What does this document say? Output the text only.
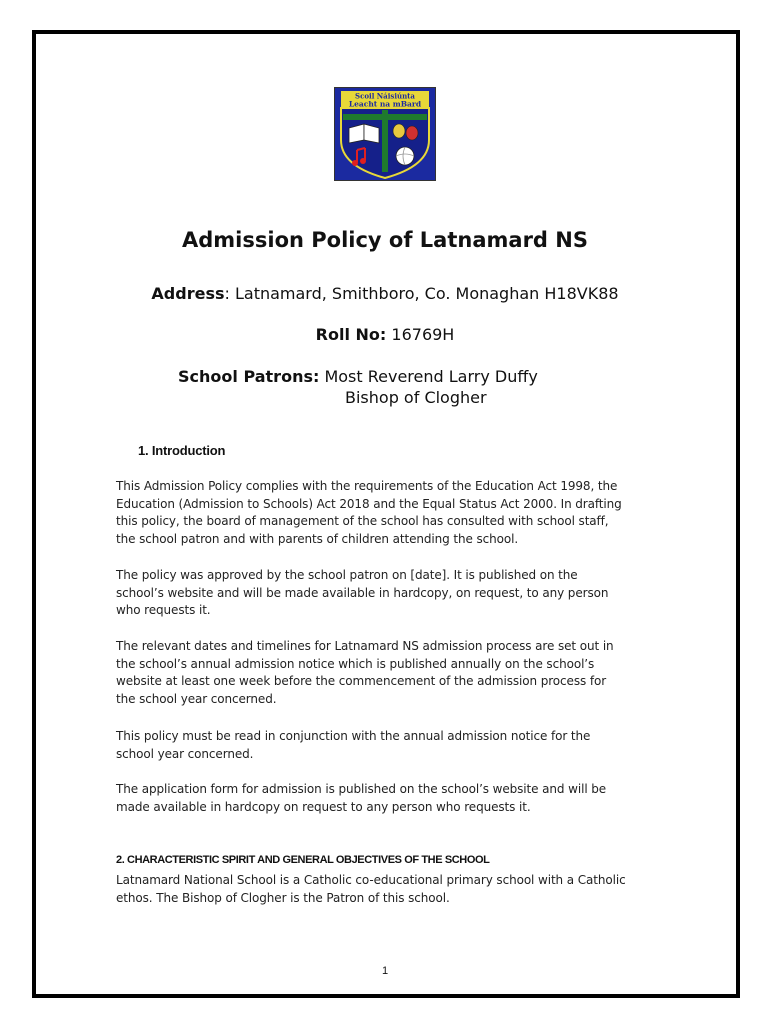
Scoil Náisiúnta
Leacht na mBard
Admission Policy of Latnamard NS
Address: Latnamard, Smithboro, Co. Monaghan H18VK88
Roll No: 16769H
School Patrons: Most Reverend Larry Duffy
Bishop of Clogher
1. Introduction
This Admission Policy complies with the requirements of the Education Act 1998, the
Education (Admission to Schools) Act 2018 and the Equal Status Act 2000. In drafting
this policy, the board of management of the school has consulted with school staff,
the school patron and with parents of children attending the school.
The policy was approved by the school patron on [date]. It is published on the
school’s website and will be made available in hardcopy, on request, to any person
who requests it.
The relevant dates and timelines for Latnamard NS admission process are set out in
the school’s annual admission notice which is published annually on the school’s
website at least one week before the commencement of the admission process for
the school year concerned.
This policy must be read in conjunction with the annual admission notice for the
school year concerned.
The application form for admission is published on the school’s website and will be
made available in hardcopy on request to any person who requests it.
2. CHARACTERISTIC SPIRIT AND GENERAL OBJECTIVES OF THE SCHOOL
Latnamard National School is a Catholic co-educational primary school with a Catholic
ethos. The Bishop of Clogher is the Patron of this school.
1
